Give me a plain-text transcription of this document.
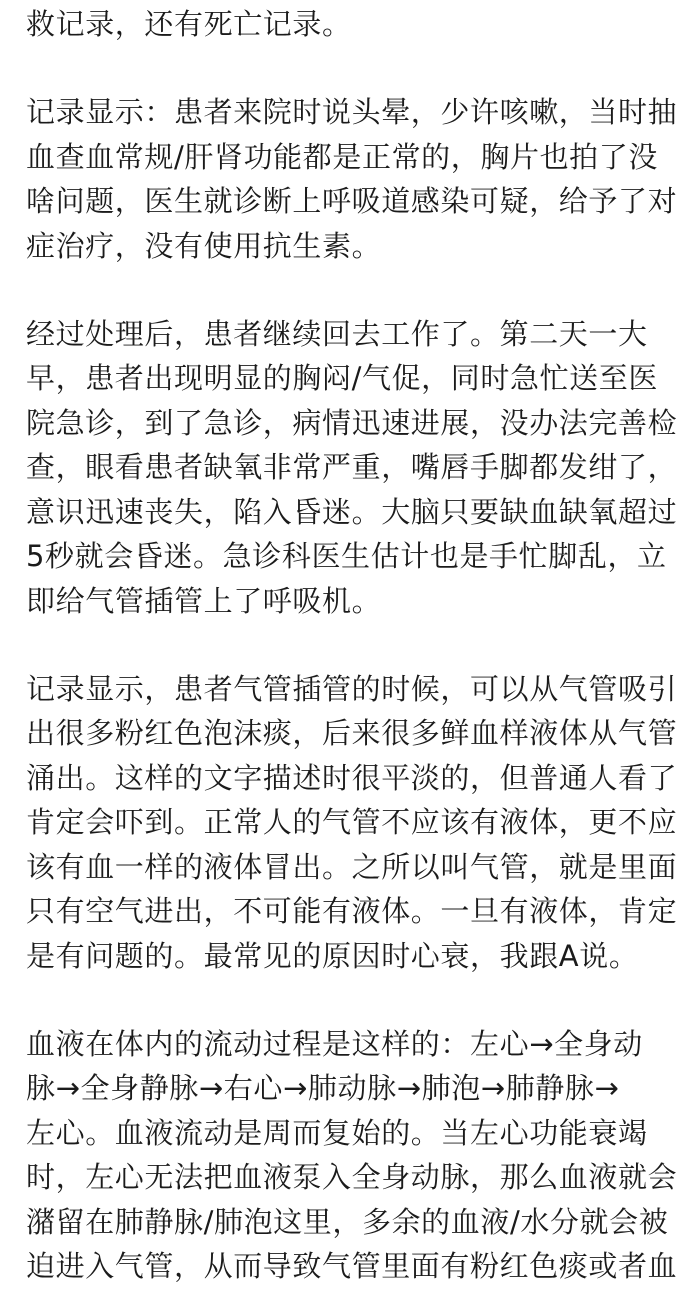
救记录，还有死亡记录。
记录显示：患者来院时说头晕，少许咳嗽，当时抽
血查血常规/肝肾功能都是正常的，胸片也拍了没
啥问题，医生就诊断上呼吸道感染可疑，给予了对
症治疗，没有使用抗生素。
经过处理后，患者继续回去工作了。第二天一大
早，患者出现明显的胸闷/气促，同时急忙送至医
院急诊，到了急诊，病情迅速进展，没办法完善检
查，眼看患者缺氧非常严重，嘴唇手脚都发绀了，
意识迅速丧失，陷入昏迷。大脑只要缺血缺氧超过
5秒就会昏迷。急诊科医生估计也是手忙脚乱，立
即给气管插管上了呼吸机。
记录显示，患者气管插管的时候，可以从气管吸引
出很多粉红色泡沫痰，后来很多鲜血样液体从气管
涌出。这样的文字描述时很平淡的，但普通人看了
肯定会吓到。正常人的气管不应该有液体，更不应
该有血一样的液体冒出。之所以叫气管，就是里面
只有空气进出，不可能有液体。一旦有液体，肯定
是有问题的。最常见的原因时心衰，我跟A说。
血液在体内的流动过程是这样的：左心→全身动
脉→全身静脉→右心→肺动脉→肺泡→肺静脉→
左心。血液流动是周而复始的。当左心功能衰竭
时，左心无法把血液泵入全身动脉，那么血液就会
潴留在肺静脉/肺泡这里，多余的血液/水分就会被
迫进入气管，从而导致气管里面有粉红色痰或者血
